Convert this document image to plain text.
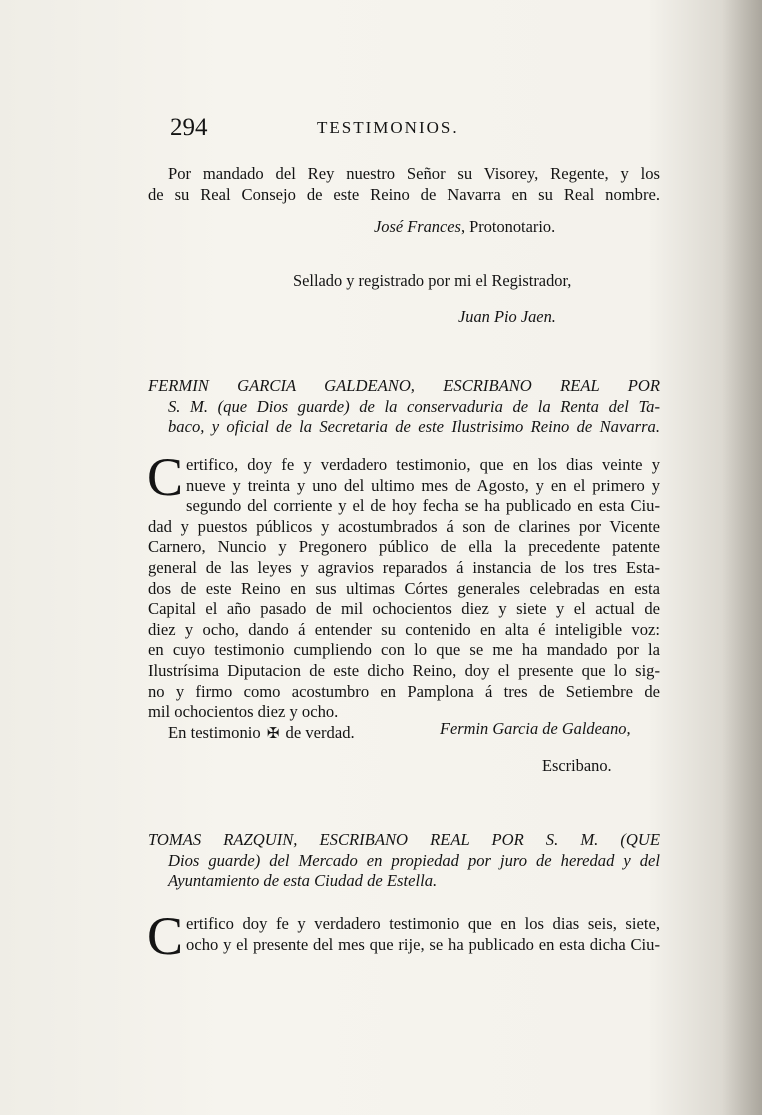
294	TESTIMONIOS.
Por mandado del Rey nuestro Señor su Visorey, Regente, y los
de su Real Consejo de este Reino de Navarra en su Real nombre.
José Frances, Protonotario.
Sellado y registrado por mi el Registrador,
Juan Pio Jaen.
FERMIN GARCIA GALDEANO, ESCRIBANO REAL POR
S. M. (que Dios guarde) de la conservaduria de la Renta del Ta-
baco, y oficial de la Secretaria de este Ilustrisimo Reino de Navarra.
C ertifico, doy fe y verdadero testimonio, que en los dias veinte y
nueve y treinta y uno del ultimo mes de Agosto, y en el primero y
segundo del corriente y el de hoy fecha se ha publicado en esta Ciu-
dad y puestos públicos y acostumbrados á son de clarines por Vicente
Carnero, Nuncio y Pregonero público de ella la precedente patente
general de las leyes y agravios reparados á instancia de los tres Esta-
dos de este Reino en sus ultimas Córtes generales celebradas en esta
Capital el año pasado de mil ochocientos diez y siete y el actual de
diez y ocho, dando á entender su contenido en alta é inteligible voz:
en cuyo testimonio cumpliendo con lo que se me ha mandado por la
Ilustrísima Diputacion de este dicho Reino, doy el presente que lo sig-
no y firmo como acostumbro en Pamplona á tres de Setiembre de
mil ochocientos diez y ocho.
En testimonio ✠ de verdad.	Fermin Garcia de Galdeano,
Escribano.
TOMAS RAZQUIN, ESCRIBANO REAL POR S. M. (QUE
Dios guarde) del Mercado en propiedad por juro de heredad y del
Ayuntamiento de esta Ciudad de Estella.
C ertifico doy fe y verdadero testimonio que en los dias seis, siete,
ocho y el presente del mes que rije, se ha publicado en esta dicha Ciu-
